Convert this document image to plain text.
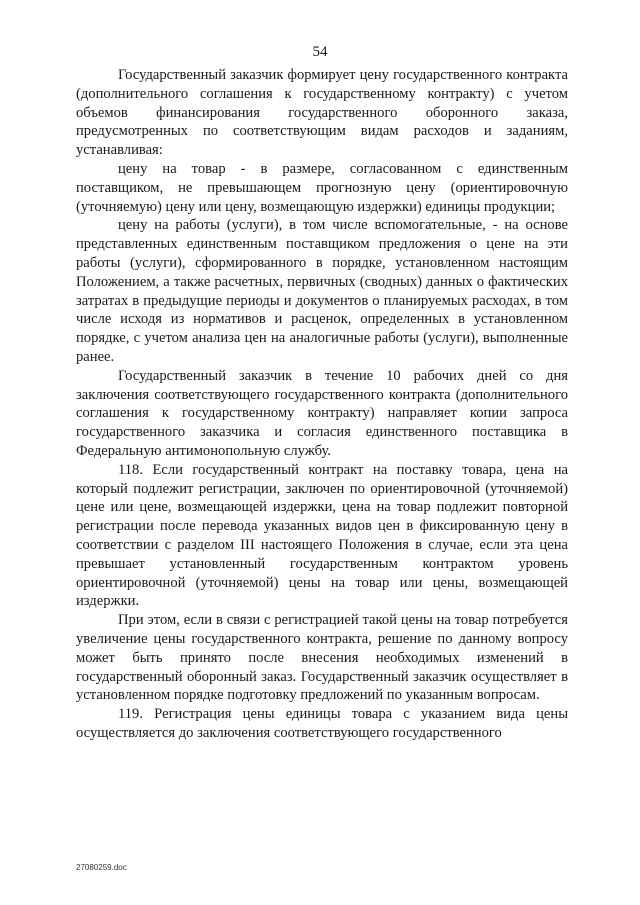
54

Государственный заказчик формирует цену государственного контракта (дополнительного соглашения к государственному контракту) с учетом объемов финансирования государственного оборонного заказа, предусмотренных по соответствующим видам расходов и заданиям, устанавливая:

цену на товар - в размере, согласованном с единственным поставщиком, не превышающем прогнозную цену (ориентировочную (уточняемую) цену или цену, возмещающую издержки) единицы продукции;

цену на работы (услуги), в том числе вспомогательные, - на основе представленных единственным поставщиком предложения о цене на эти работы (услуги), сформированного в порядке, установленном настоящим Положением, а также расчетных, первичных (сводных) данных о фактических затратах в предыдущие периоды и документов о планируемых расходах, в том числе исходя из нормативов и расценок, определенных в установленном порядке, с учетом анализа цен на аналогичные работы (услуги), выполненные ранее.

Государственный заказчик в течение 10 рабочих дней со дня заключения соответствующего государственного контракта (дополнительного соглашения к государственному контракту) направляет копии запроса государственного заказчика и согласия единственного поставщика в Федеральную антимонопольную службу.

118. Если государственный контракт на поставку товара, цена на который подлежит регистрации, заключен по ориентировочной (уточняемой) цене или цене, возмещающей издержки, цена на товар подлежит повторной регистрации после перевода указанных видов цен в фиксированную цену в соответствии с разделом III настоящего Положения в случае, если эта цена превышает установленный государственным контрактом уровень ориентировочной (уточняемой) цены на товар или цены, возмещающей издержки.

При этом, если в связи с регистрацией такой цены на товар потребуется увеличение цены государственного контракта, решение по данному вопросу может быть принято после внесения необходимых изменений в государственный оборонный заказ. Государственный заказчик осуществляет в установленном порядке подготовку предложений по указанным вопросам.

119. Регистрация цены единицы товара с указанием вида цены осуществляется до заключения соответствующего государственного

27080259.doc
